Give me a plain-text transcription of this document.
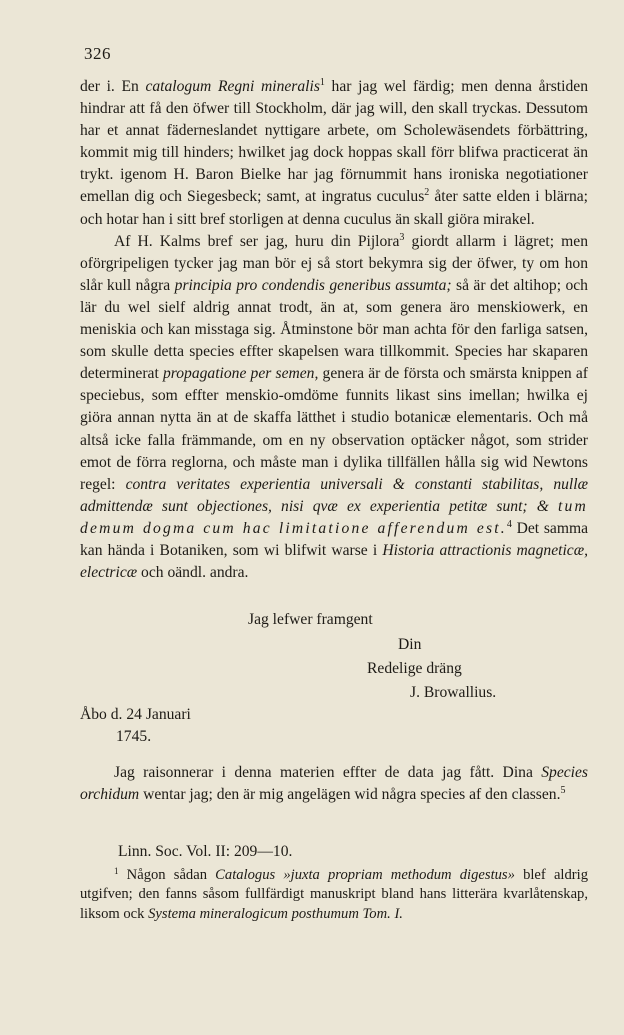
326

der i. En catalogum Regni mineralis$^1$ har jag wel färdig; men denna årstiden hindrar att få den öfwer till Stockholm, där jag will, den skall tryckas. Dessutom har et annat fäderneslandet nyttigare arbete, om Scholewäsendets förbättring, kommit mig till hinders; hwilket jag dock hoppas skall förr blifwa practicerat än trykt. igenom H. Baron Bielke har jag förnummit hans ironiska negotiationer emellan dig och Siegesbeck; samt, at ingratus cuculus$^2$ åter satte elden i blärna; och hotar han i sitt bref storligen at denna cuculus än skall giöra mirakel.

Af H. Kalms bref ser jag, huru din Pijlora$^3$ giordt allarm i lägret; men oförgripeligen tycker jag man bör ej så stort bekymra sig der öfwer, ty om hon slår kull några principia pro condendis generibus assumta; så är det altihop; och lär du wel sielf aldrig annat trodt, än at, som genera äro menskiowerk, en meniskia och kan misstaga sig. Åtminstone bör man achta för den farliga satsen, som skulle detta species effter skapelsen wara tillkommit. Species har skaparen determinerat propagatione per semen, genera är de första och smärsta knippen af speciebus, som effter menskio-omdöme funnits likast sins imellan; hwilka ej giöra annan nytta än at de skaffa lätthet i studio botanicæ elementaris. Och må altså icke falla främmande, om en ny observation optäcker något, som strider emot de förra reglorna, och måste man i dylika tillfällen hålla sig wid Newtons regel: contra veritates experientia universali & constanti stabilitas, nullæ admittendæ sunt objectiones, nisi qvæ ex experientia petitæ sunt; & tum demum dogma cum hac limitatione afferendum est.$^4$ Det samma kan hända i Botaniken, som wi blifwit warse i Historia attractionis magneticæ, electricæ och oändl. andra.

Jag lefwer framgent
Din
Redelige dräng
J. Browallius.
Åbo d. 24 Januari
1745.

Jag raisonnerar i denna materien effter de data jag fått. Dina Species orchidum wentar jag; den är mig angelägen wid några species af den classen.$^5$

Linn. Soc. Vol. II: 209—10.

$^1$ Någon sådan Catalogus »juxta propriam methodum digestus» blef aldrig utgifven; den fanns såsom fullfärdigt manuskript bland hans litterära kvarlåtenskap, liksom ock Systema mineralogicum posthumum Tom. I.
